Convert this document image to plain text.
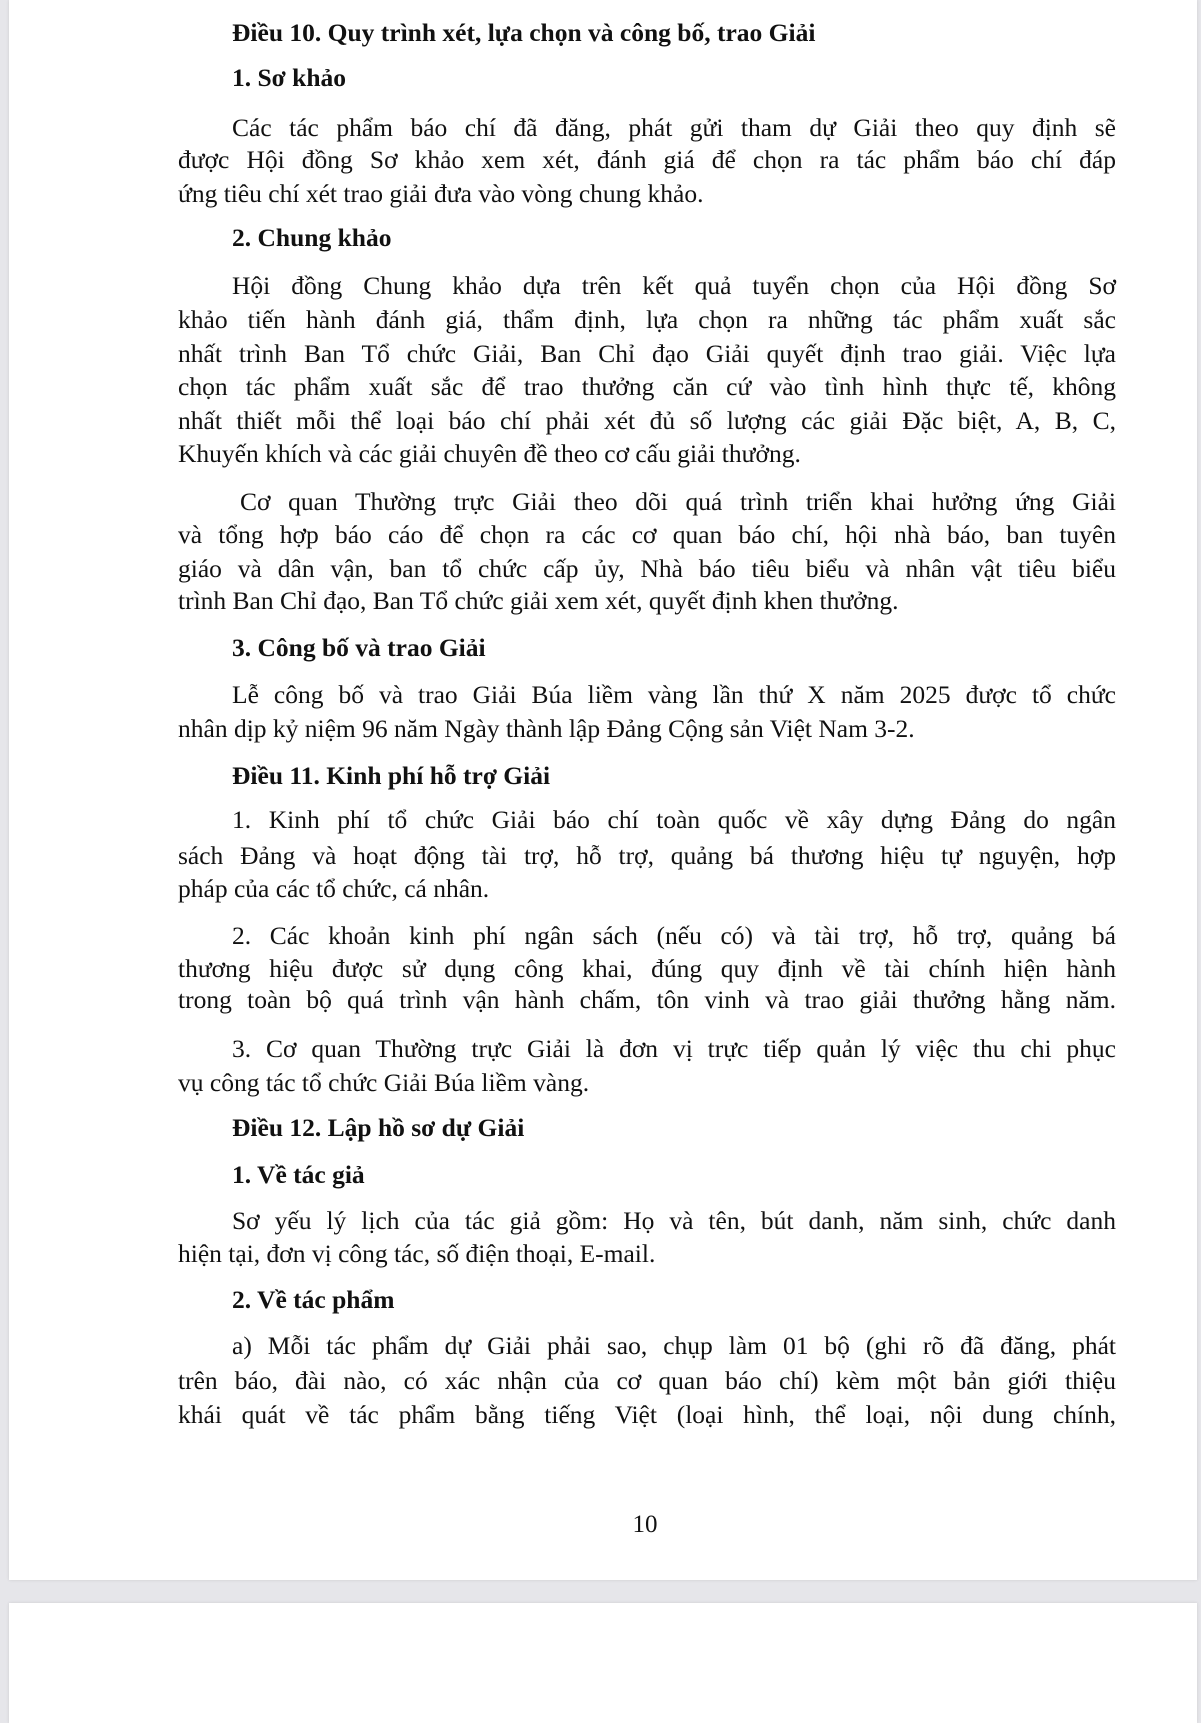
Điều 10. Quy trình xét, lựa chọn và công bố, trao Giải
1. Sơ khảo
Các tác phẩm báo chí đã đăng, phát gửi tham dự Giải theo quy định sẽ
được Hội đồng Sơ khảo xem xét, đánh giá để chọn ra tác phẩm báo chí đáp
ứng tiêu chí xét trao giải đưa vào vòng chung khảo.
2. Chung khảo
Hội đồng Chung khảo dựa trên kết quả tuyển chọn của Hội đồng Sơ
khảo tiến hành đánh giá, thẩm định, lựa chọn ra những tác phẩm xuất sắc
nhất trình Ban Tổ chức Giải, Ban Chỉ đạo Giải quyết định trao giải. Việc lựa
chọn tác phẩm xuất sắc để trao thưởng căn cứ vào tình hình thực tế, không
nhất thiết mỗi thể loại báo chí phải xét đủ số lượng các giải Đặc biệt, A, B, C,
Khuyến khích và các giải chuyên đề theo cơ cấu giải thưởng.
Cơ quan Thường trực Giải theo dõi quá trình triển khai hưởng ứng Giải
và tổng hợp báo cáo để chọn ra các cơ quan báo chí, hội nhà báo, ban tuyên
giáo và dân vận, ban tổ chức cấp ủy, Nhà báo tiêu biểu và nhân vật tiêu biểu
trình Ban Chỉ đạo, Ban Tổ chức giải xem xét, quyết định khen thưởng.
3. Công bố và trao Giải
Lễ công bố và trao Giải Búa liềm vàng lần thứ X năm 2025 được tổ chức
nhân dịp kỷ niệm 96 năm Ngày thành lập Đảng Cộng sản Việt Nam 3-2.
Điều 11. Kinh phí hỗ trợ Giải
1. Kinh phí tổ chức Giải báo chí toàn quốc về xây dựng Đảng do ngân
sách Đảng và hoạt động tài trợ, hỗ trợ, quảng bá thương hiệu tự nguyện, hợp
pháp của các tổ chức, cá nhân.
2. Các khoản kinh phí ngân sách (nếu có) và tài trợ, hỗ trợ, quảng bá
thương hiệu được sử dụng công khai, đúng quy định về tài chính hiện hành
trong toàn bộ quá trình vận hành chấm, tôn vinh và trao giải thưởng hằng năm.
3. Cơ quan Thường trực Giải là đơn vị trực tiếp quản lý việc thu chi phục
vụ công tác tổ chức Giải Búa liềm vàng.
Điều 12. Lập hồ sơ dự Giải
1. Về tác giả
Sơ yếu lý lịch của tác giả gồm: Họ và tên, bút danh, năm sinh, chức danh
hiện tại, đơn vị công tác, số điện thoại, E-mail.
2. Về tác phẩm
a) Mỗi tác phẩm dự Giải phải sao, chụp làm 01 bộ (ghi rõ đã đăng, phát
trên báo, đài nào, có xác nhận của cơ quan báo chí) kèm một bản giới thiệu
khái quát về tác phẩm bằng tiếng Việt (loại hình, thể loại, nội dung chính,
10
